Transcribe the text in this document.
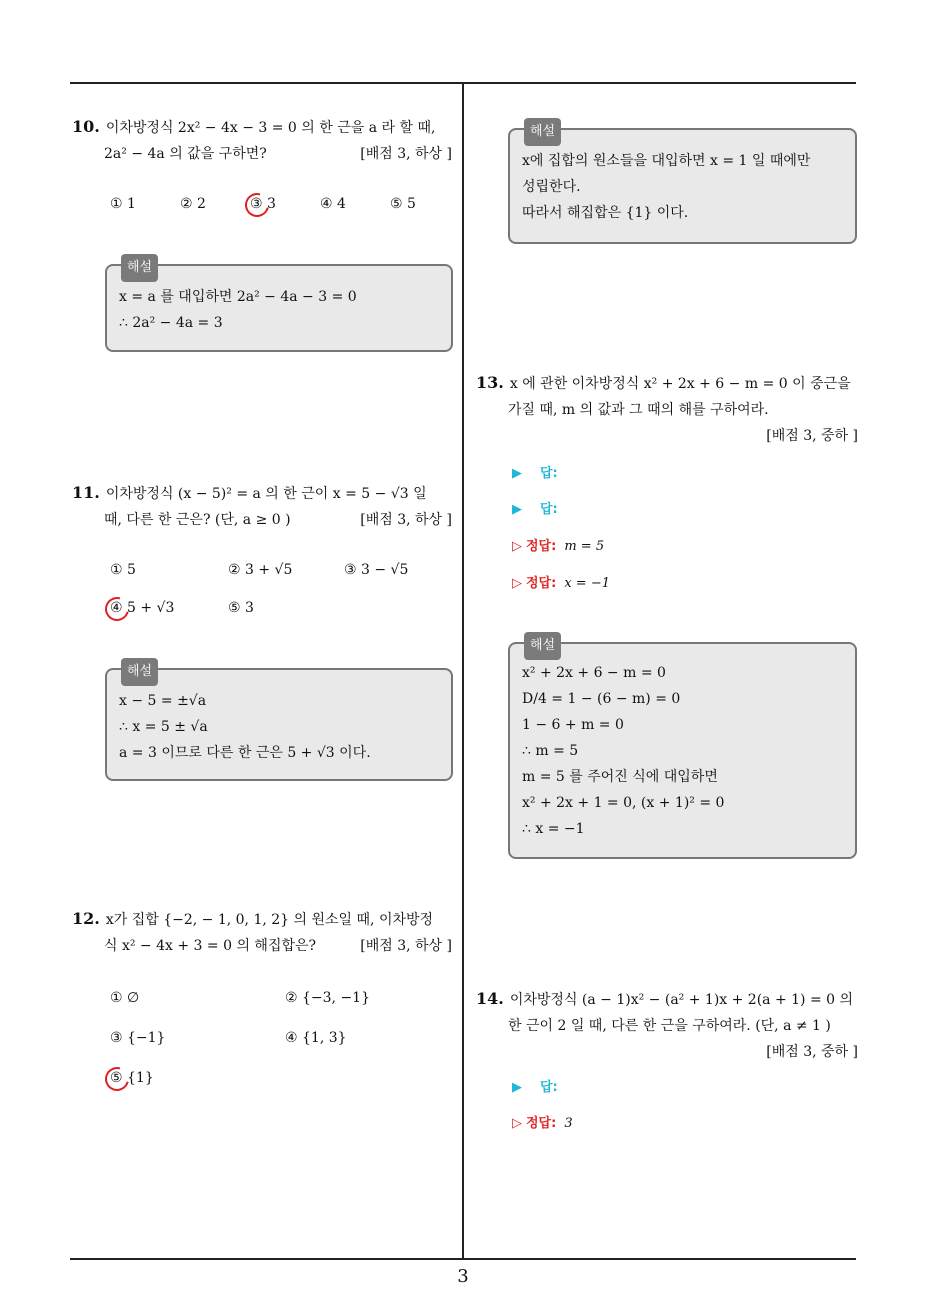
10. 이차방정식 2x² − 4x − 3 = 0 의 한 근을 a 라 할 때,
2a² − 4a 의 값을 구하면?	[배점 3, 하상 ]
① 1	② 2	③ 3	④ 4	⑤ 5
해설
x = a 를 대입하면 2a² − 4a − 3 = 0
∴ 2a² − 4a = 3
11. 이차방정식 (x − 5)² = a 의 한 근이 x = 5 − √3 일
때, 다른 한 근은? (단, a ≥ 0 )	[배점 3, 하상 ]
① 5	② 3 + √5	③ 3 − √5
④ 5 + √3	⑤ 3
해설
x − 5 = ±√a
∴ x = 5 ± √a
a = 3 이므로 다른 한 근은 5 + √3 이다.
12. x가 집합 {−2, − 1, 0, 1, 2} 의 원소일 때, 이차방정
식 x² − 4x + 3 = 0 의 해집합은?	[배점 3, 하상 ]
① ∅	② {−3, −1}
③ {−1}	④ {1, 3}
⑤ {1}
해설
x에 집합의 원소들을 대입하면 x = 1 일 때에만
성립한다.
따라서 해집합은 {1} 이다.
13. x 에 관한 이차방정식 x² + 2x + 6 − m = 0 이 중근을
가질 때, m 의 값과 그 때의 해를 구하여라.
[배점 3, 중하 ]
▶ 답:
▶ 답:
▷ 정답: m = 5
▷ 정답: x = −1
해설
x² + 2x + 6 − m = 0
D/4 = 1 − (6 − m) = 0
1 − 6 + m = 0
∴ m = 5
m = 5 를 주어진 식에 대입하면
x² + 2x + 1 = 0, (x + 1)² = 0
∴ x = −1
14. 이차방정식 (a − 1)x² − (a² + 1)x + 2(a + 1) = 0 의
한 근이 2 일 때, 다른 한 근을 구하여라. (단, a ≠ 1 )
[배점 3, 중하 ]
▶ 답:
▷ 정답: 3
3
